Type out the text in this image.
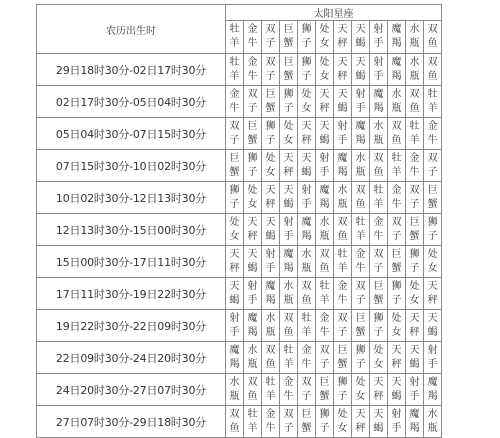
农历出生时	太阳星座											

	牡羊	金牛	双子	巨蟹	狮子	处女	天秤	天蝎	射手	魔羯	水瓶	双鱼

29日18时30分-02日17时30分	牡羊	金牛	双子	巨蟹	狮子	处女	天秤	天蝎	射手	魔羯	水瓶	双鱼

02日17时30分-05日04时30分	金牛	双子	巨蟹	狮子	处女	天秤	天蝎	射手	魔羯	水瓶	双鱼	牡羊

05日04时30分-07日15时30分	双子	巨蟹	狮子	处女	天秤	天蝎	射手	魔羯	水瓶	双鱼	牡羊	金牛

07日15时30分-10日02时30分	巨蟹	狮子	处女	天秤	天蝎	射手	魔羯	水瓶	双鱼	牡羊	金牛	双子

10日02时30分-12日13时30分	狮子	处女	天秤	天蝎	射手	魔羯	水瓶	双鱼	牡羊	金牛	双子	巨蟹

12日13时30分-15日00时30分	处女	天秤	天蝎	射手	魔羯	水瓶	双鱼	牡羊	金牛	双子	巨蟹	狮子

15日00时30分-17日11时30分	天秤	天蝎	射手	魔羯	水瓶	双鱼	牡羊	金牛	双子	巨蟹	狮子	处女

17日11时30分-19日22时30分	天蝎	射手	魔羯	水瓶	双鱼	牡羊	金牛	双子	巨蟹	狮子	处女	天秤

19日22时30分-22日09时30分	射手	魔羯	水瓶	双鱼	牡羊	金牛	双子	巨蟹	狮子	处女	天秤	天蝎

22日09时30分-24日20时30分	魔羯	水瓶	双鱼	牡羊	金牛	双子	巨蟹	狮子	处女	天秤	天蝎	射手

24日20时30分-27日07时30分	水瓶	双鱼	牡羊	金牛	双子	巨蟹	狮子	处女	天秤	天蝎	射手	魔羯

27日07时30分-29日18时30分	双鱼	牡羊	金牛	双子	巨蟹	狮子	处女	天秤	天蝎	射手	魔羯	水瓶
